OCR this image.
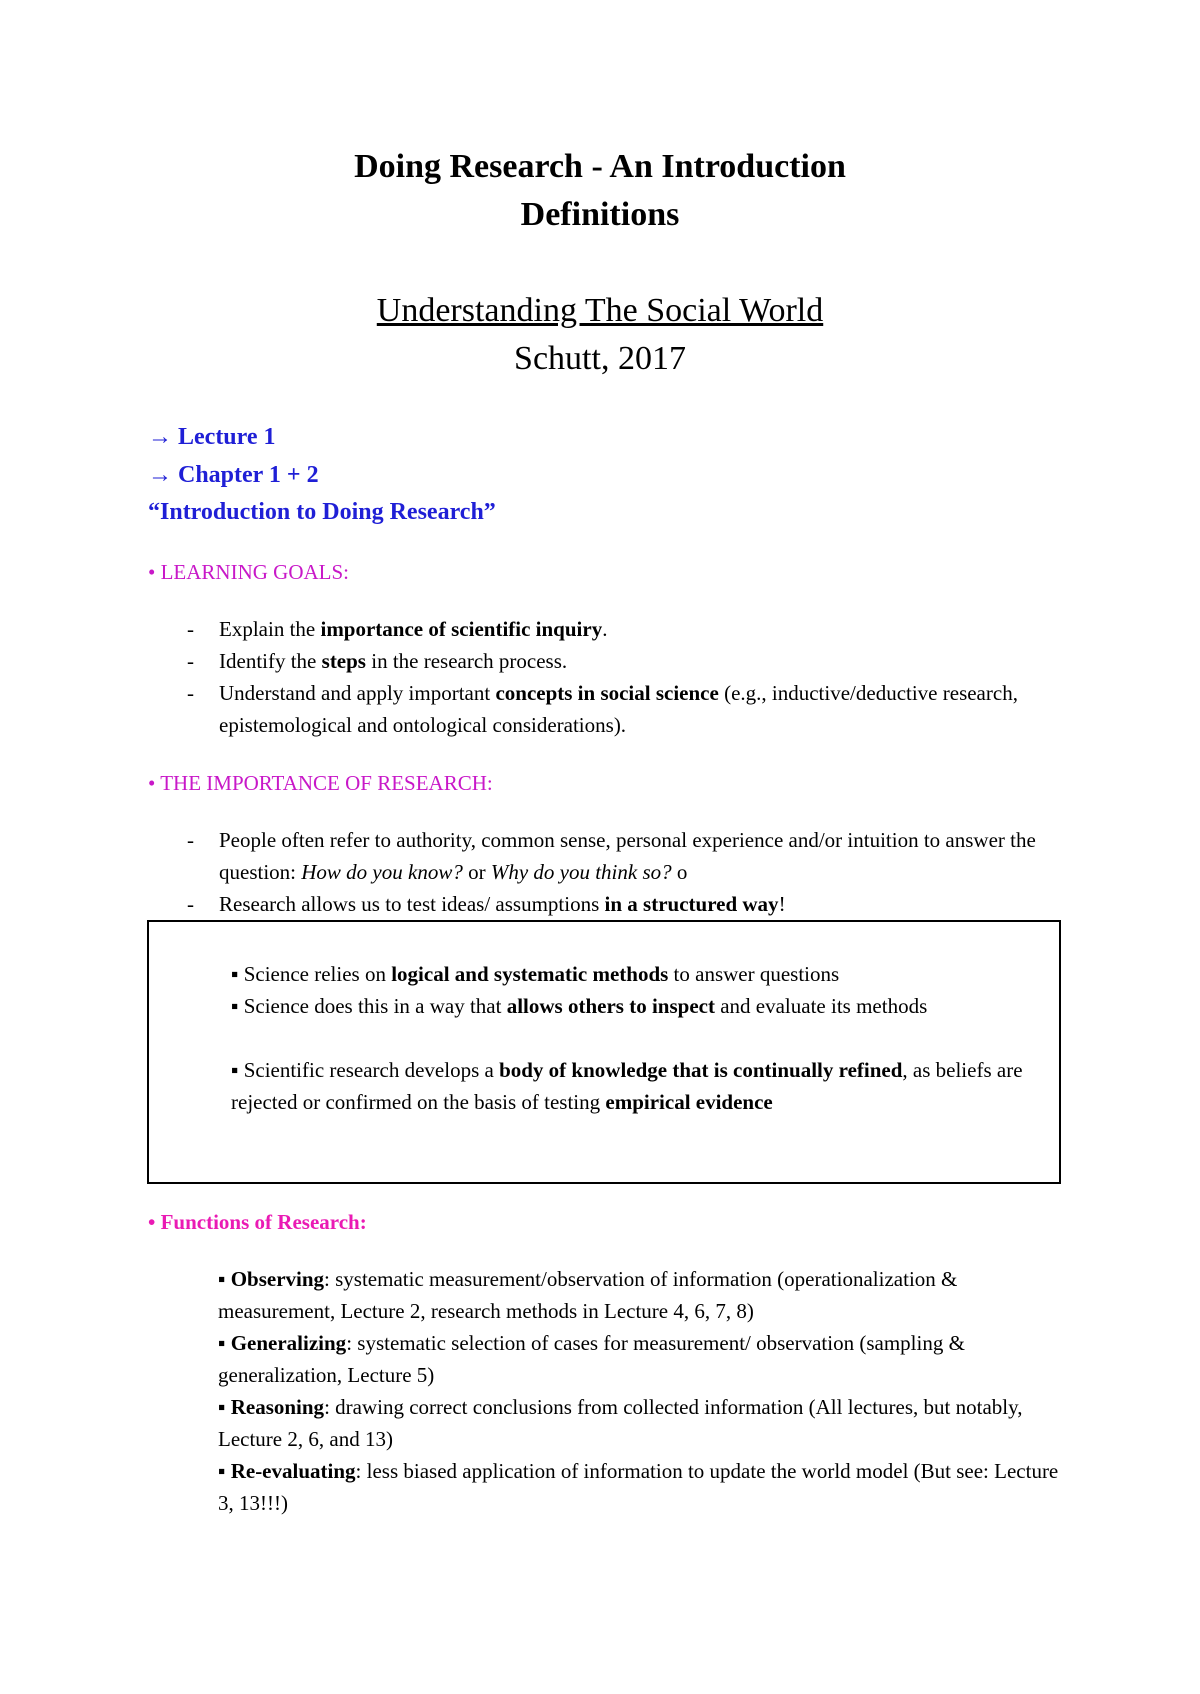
Doing Research - An Introduction
Definitions
Understanding The Social World
Schutt, 2017
→ Lecture 1
→ Chapter 1 + 2
“Introduction to Doing Research”
• LEARNING GOALS:
- Explain the importance of scientific inquiry.
- Identify the steps in the research process.
- Understand and apply important concepts in social science (e.g., inductive/deductive research, epistemological and ontological considerations).
• THE IMPORTANCE OF RESEARCH:
- People often refer to authority, common sense, personal experience and/or intuition to answer the question: How do you know? or Why do you think so? o
- Research allows us to test ideas/ assumptions in a structured way!
▪ Science relies on logical and systematic methods to answer questions
▪ Science does this in a way that allows others to inspect and evaluate its methods
▪ Scientific research develops a body of knowledge that is continually refined, as beliefs are rejected or confirmed on the basis of testing empirical evidence
• Functions of Research:
▪ Observing: systematic measurement/observation of information (operationalization & measurement, Lecture 2, research methods in Lecture 4, 6, 7, 8)
▪ Generalizing: systematic selection of cases for measurement/ observation (sampling & generalization, Lecture 5)
▪ Reasoning: drawing correct conclusions from collected information (All lectures, but notably, Lecture 2, 6, and 13)
▪ Re-evaluating: less biased application of information to update the world model (But see: Lecture 3, 13!!!)
